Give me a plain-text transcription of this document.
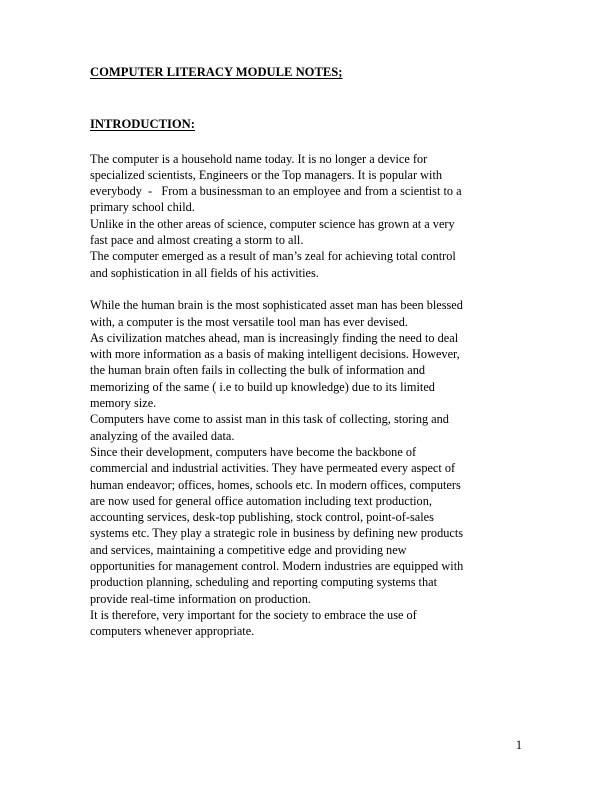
COMPUTER LITERACY MODULE NOTES;
INTRODUCTION:
The computer is a household name today. It is no longer a device for
specialized scientists, Engineers or the Top managers. It is popular with
everybody  -   From a businessman to an employee and from a scientist to a
primary school child.
Unlike in the other areas of science, computer science has grown at a very
fast pace and almost creating a storm to all.
The computer emerged as a result of man’s zeal for achieving total control
and sophistication in all fields of his activities.
While the human brain is the most sophisticated asset man has been blessed
with, a computer is the most versatile tool man has ever devised.
As civilization matches ahead, man is increasingly finding the need to deal
with more information as a basis of making intelligent decisions. However,
the human brain often fails in collecting the bulk of information and
memorizing of the same ( i.e to build up knowledge) due to its limited
memory size.
Computers have come to assist man in this task of collecting, storing and
analyzing of the availed data.
Since their development, computers have become the backbone of
commercial and industrial activities. They have permeated every aspect of
human endeavor; offices, homes, schools etc. In modern offices, computers
are now used for general office automation including text production,
accounting services, desk-top publishing, stock control, point-of-sales
systems etc. They play a strategic role in business by defining new products
and services, maintaining a competitive edge and providing new
opportunities for management control. Modern industries are equipped with
production planning, scheduling and reporting computing systems that
provide real-time information on production.
It is therefore, very important for the society to embrace the use of
computers whenever appropriate.
1
